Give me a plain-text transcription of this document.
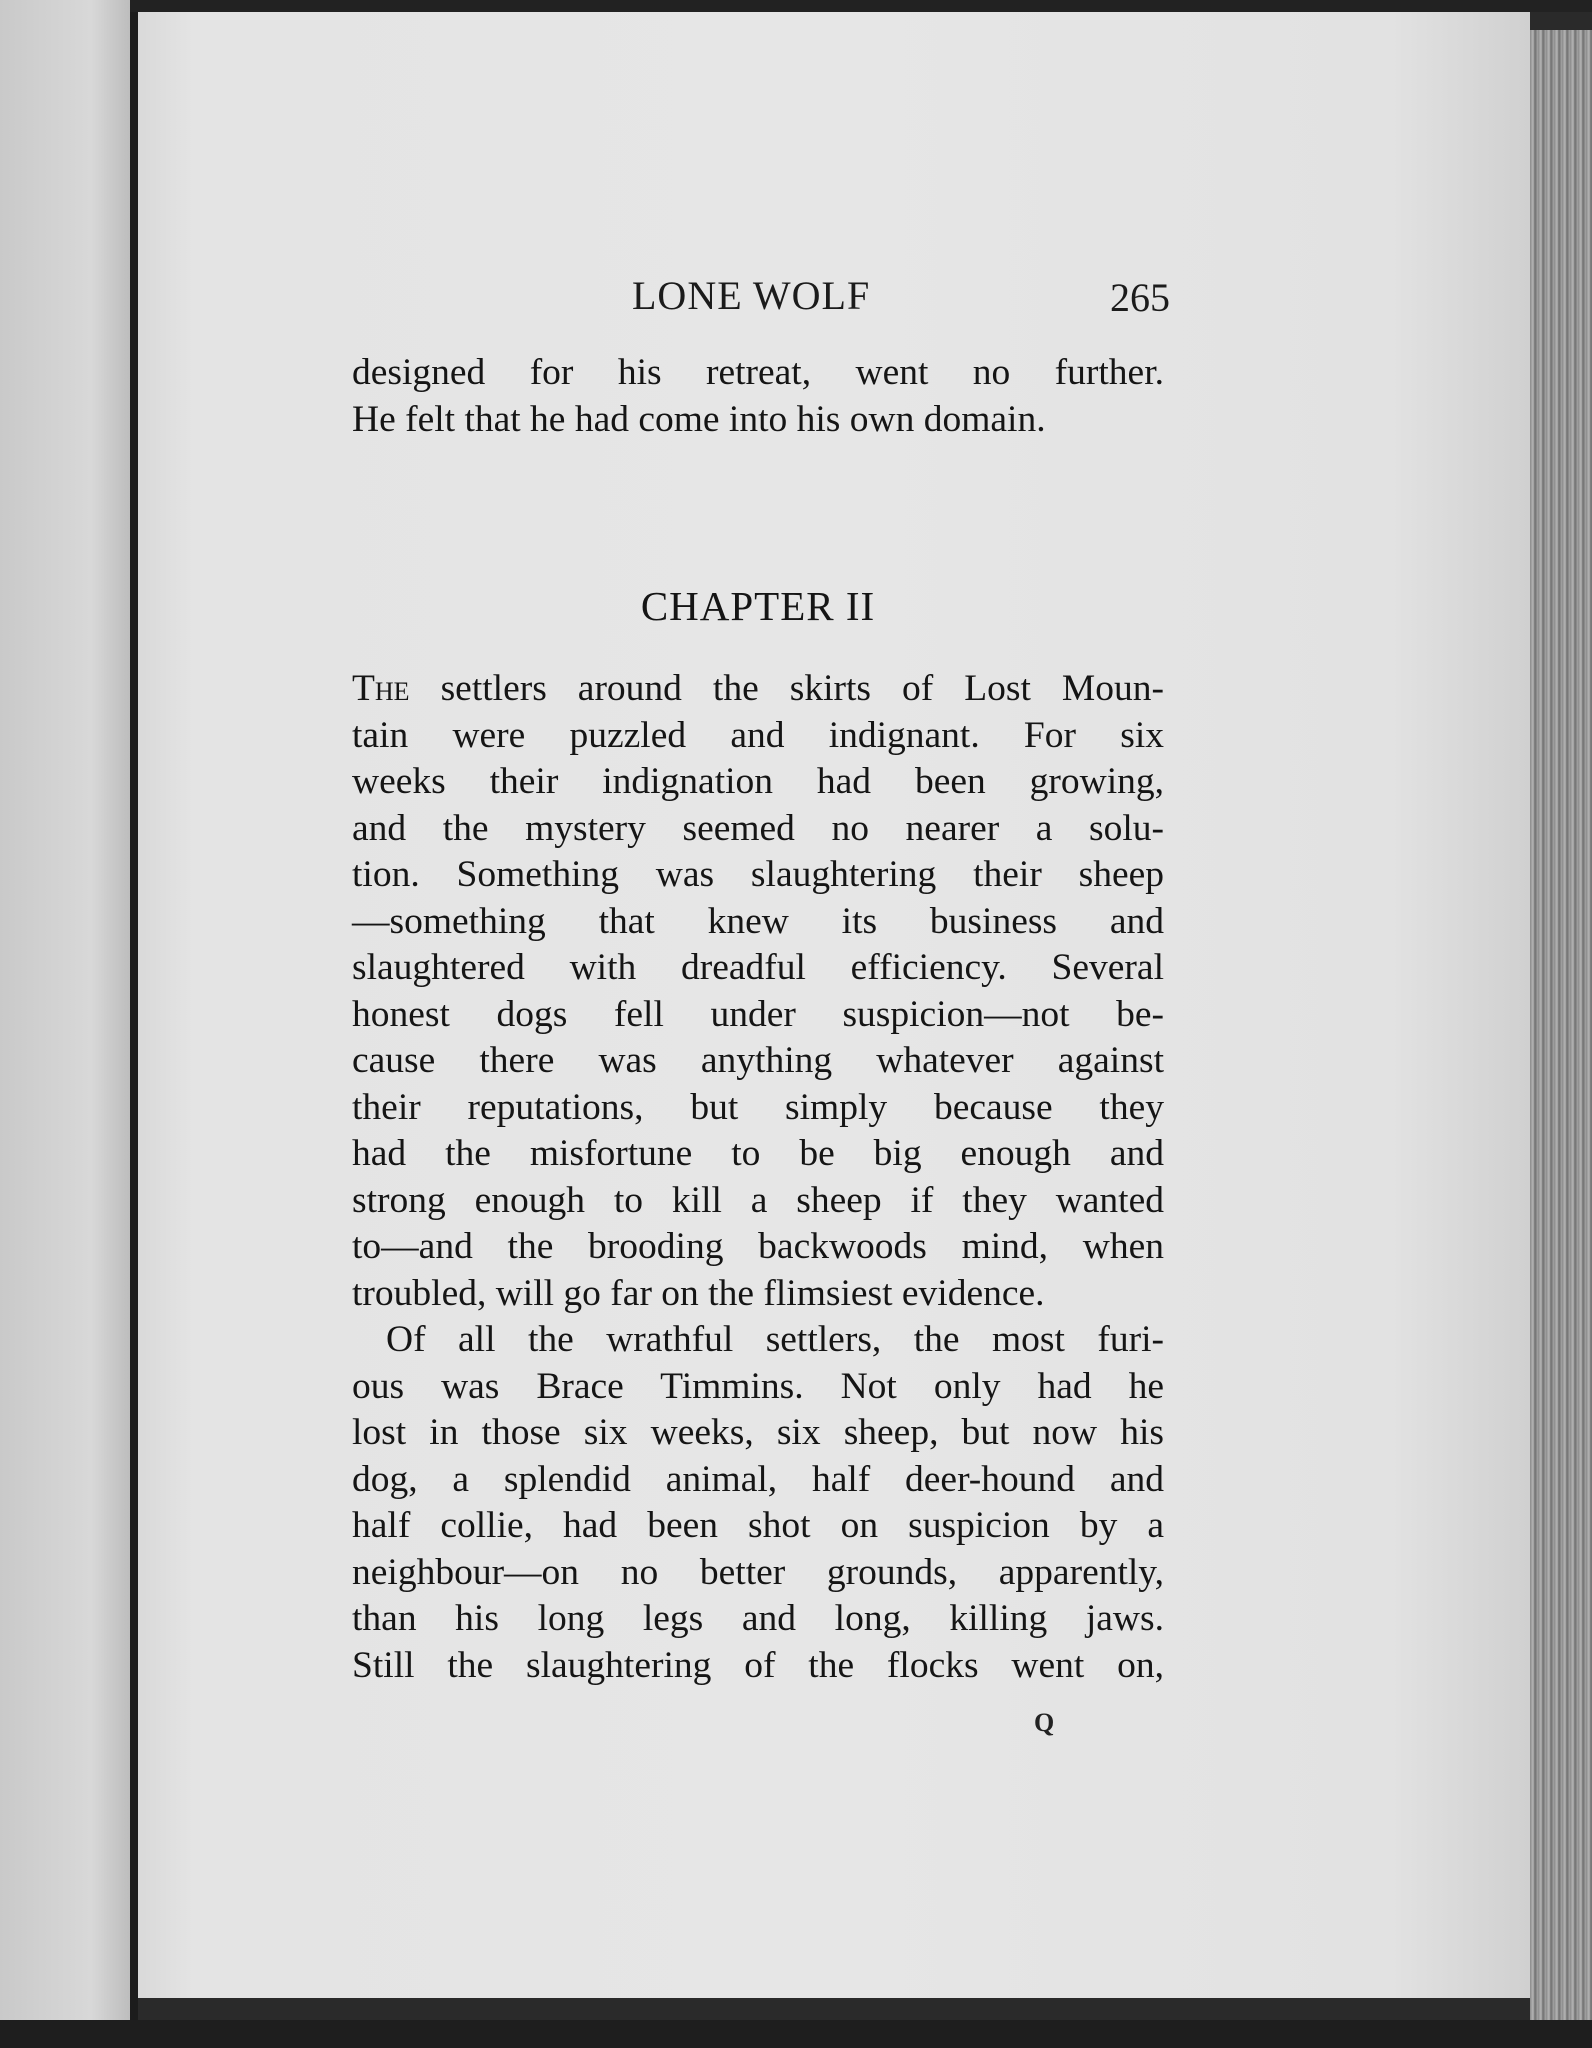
LONE WOLF	265
designed for his retreat, went no further.
He felt that he had come into his own domain.
CHAPTER II
The settlers around the skirts of Lost Moun-
tain were puzzled and indignant. For six
weeks their indignation had been growing,
and the mystery seemed no nearer a solu-
tion. Something was slaughtering their sheep
—something that knew its business and
slaughtered with dreadful efficiency. Several
honest dogs fell under suspicion—not be-
cause there was anything whatever against
their reputations, but simply because they
had the misfortune to be big enough and
strong enough to kill a sheep if they wanted
to—and the brooding backwoods mind, when
troubled, will go far on the flimsiest evidence.
Of all the wrathful settlers, the most furi-
ous was Brace Timmins. Not only had he
lost in those six weeks, six sheep, but now his
dog, a splendid animal, half deer-hound and
half collie, had been shot on suspicion by a
neighbour—on no better grounds, apparently,
than his long legs and long, killing jaws.
Still the slaughtering of the flocks went on,
Q
